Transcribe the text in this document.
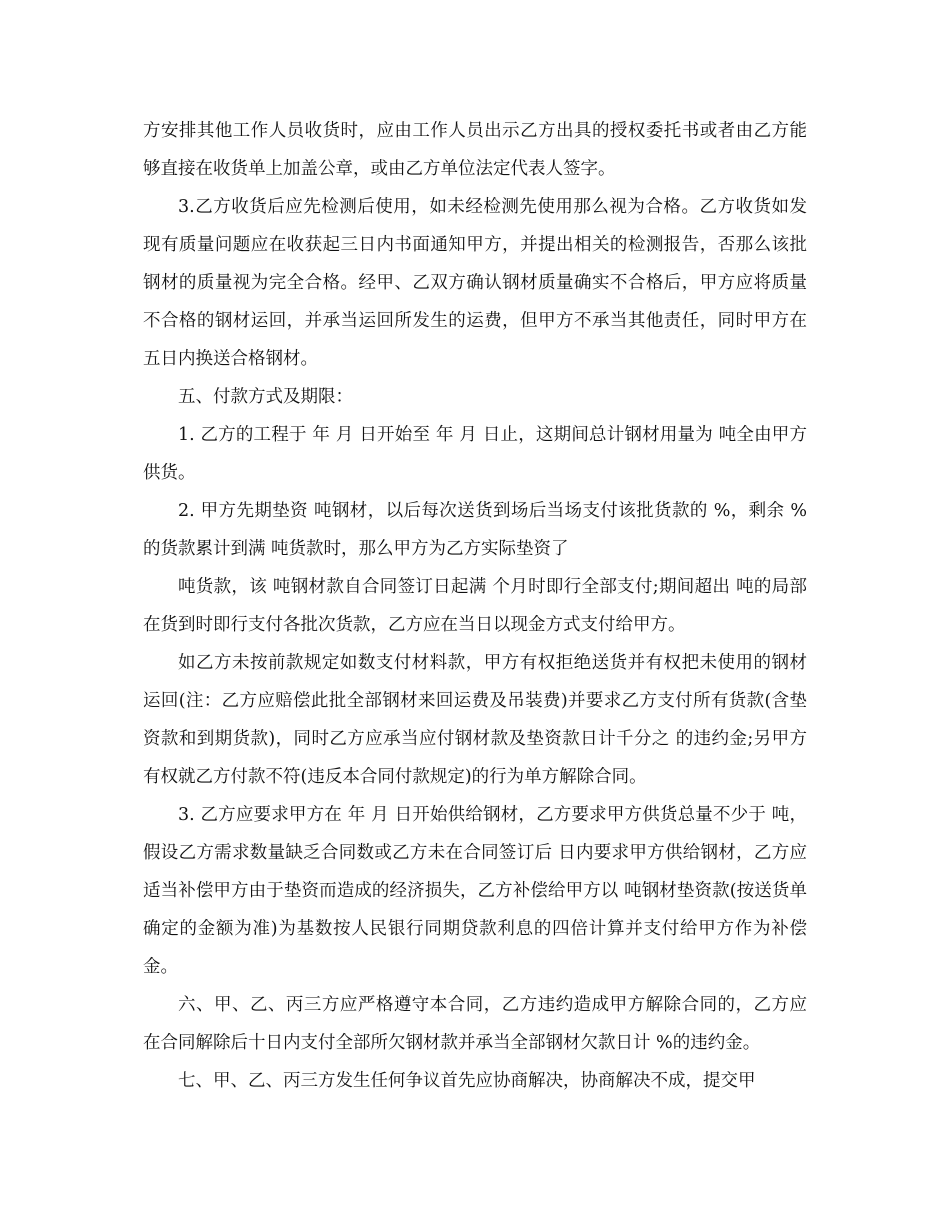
方安排其他工作人员收货时，应由工作人员出示乙方出具的授权委托书或者由乙方能够直接在收货单上加盖公章，或由乙方单位法定代表人签字。

3.乙方收货后应先检测后使用，如未经检测先使用那么视为合格。乙方收货如发现有质量问题应在收获起三日内书面通知甲方，并提出相关的检测报告，否那么该批钢材的质量视为完全合格。经甲、乙双方确认钢材质量确实不合格后，甲方应将质量不合格的钢材运回，并承当运回所发生的运费，但甲方不承当其他责任，同时甲方在五日内换送合格钢材。

五、付款方式及期限：

1. 乙方的工程于 年 月 日开始至 年 月 日止，这期间总计钢材用量为 吨全由甲方供货。

2. 甲方先期垫资 吨钢材，以后每次送货到场后当场支付该批货款的 %，剩余 %的货款累计到满 吨货款时，那么甲方为乙方实际垫资了

吨货款，该 吨钢材款自合同签订日起满 个月时即行全部支付;期间超出 吨的局部在货到时即行支付各批次货款，乙方应在当日以现金方式支付给甲方。

如乙方未按前款规定如数支付材料款，甲方有权拒绝送货并有权把未使用的钢材运回(注：乙方应赔偿此批全部钢材来回运费及吊装费)并要求乙方支付所有货款(含垫资款和到期货款)，同时乙方应承当应付钢材款及垫资款日计千分之 的违约金;另甲方有权就乙方付款不符(违反本合同付款规定)的行为单方解除合同。

3. 乙方应要求甲方在 年 月 日开始供给钢材，乙方要求甲方供货总量不少于 吨，假设乙方需求数量缺乏合同数或乙方未在合同签订后 日内要求甲方供给钢材，乙方应适当补偿甲方由于垫资而造成的经济损失，乙方补偿给甲方以 吨钢材垫资款(按送货单确定的金额为准)为基数按人民银行同期贷款利息的四倍计算并支付给甲方作为补偿金。

六、甲、乙、丙三方应严格遵守本合同，乙方违约造成甲方解除合同的，乙方应在合同解除后十日内支付全部所欠钢材款并承当全部钢材欠款日计 %的违约金。

七、甲、乙、丙三方发生任何争议首先应协商解决，协商解决不成，提交甲
